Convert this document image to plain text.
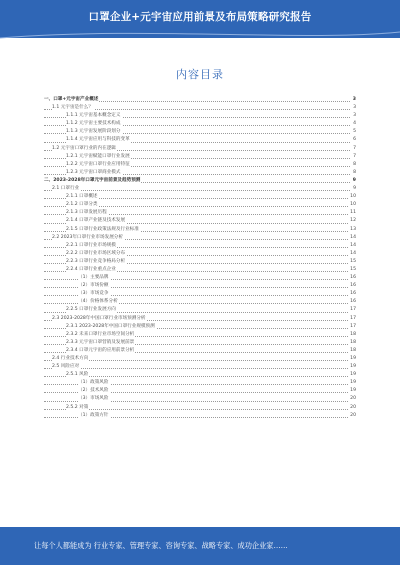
口罩企业+元宇宙应用前景及布局策略研究报告
内容目录
一、口罩+元宇宙产业概述	3
1.1 元宇宙是什么？	3
1.1.1 元宇宙基本概念定义	3
1.1.2 元宇宙主要技术构成	4
1.1.3 元宇宙发展阶段划分	5
1.1.4 元宇宙应用与科技的变革	6
1.2 元宇宙口罩行业的内在逻辑	7
1.2.1 元宇宙赋能口罩行业发展	7
1.2.2 元宇宙口罩行业应用特征	8
1.2.3 元宇宙口罩商业模式	8
二、2023-2028年口罩元宇宙前景及趋势预测	9
2.1 口罩行业	9
2.1.1 口罩概述	10
2.1.2 口罩分类	10
2.1.3 口罩发展历程	11
2.1.4 口罩产业链及技术发展	12
2.1.5 口罩行业政策法规及行业标准	13
2.2 2023年口罩行业市场发展分析	14
2.2.1 口罩行业市场规模	14
2.2.2 口罩行业市场区域分布	14
2.2.3 口罩行业竞争格局分析	15
2.2.4 口罩行业重点企业	15
（1）主要品牌	16
（2）市场份额	16
（3）市场竞争	16
（4）价格体系分析	16
2.2.5 口罩行业发展方向	17
2.3 2023-2028年中国口罩行业市场预测分析	17
2.3.1 2023-2028年中国口罩行业规模预测	17
2.3.2 未来口罩行业市场空间分析	18
2.3.3 元宇宙口罩营销及发展前景	18
2.3.4 口罩元宇宙的应用前景分析	18
2.4 行业技术方向	19
2.5 风险应对	19
2.5.1 风险	19
（1）政策风险	19
（2）技术风险	19
（3）市场风险	20
2.5.2 对策	20
（1）政策方针	20
让每个人都能成为 行业专家、管理专家、咨询专家、战略专家、成功企业家……
